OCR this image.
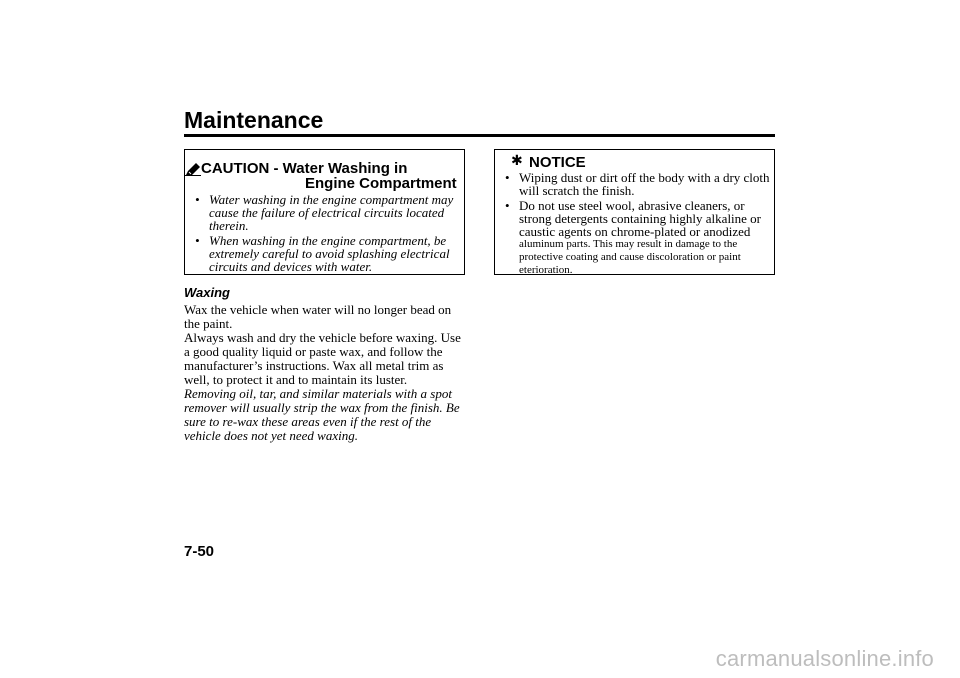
Maintenance
CAUTION - Water Washing in
Engine Compartment
• Water washing in the engine compartment may cause the failure of electrical circuits located therein.
• When washing in the engine compartment, be extremely careful to avoid splashing electrical circuits and devices with water.
✱ NOTICE
• Wiping dust or dirt off the body with a dry cloth will scratch the finish.
• Do not use steel wool, abrasive cleaners, or strong detergents containing highly alkaline or caustic agents on chrome-plated or anodized
aluminum parts. This may result in damage to the protective coating and cause discoloration or paint eterioration.
Waxing

Wax the vehicle when water will no longer bead on the paint.

Always wash and dry the vehicle before waxing. Use a good quality liquid or paste wax, and follow the manufacturer’s instructions. Wax all metal trim as well, to protect it and to maintain its luster.

Removing oil, tar, and similar materials with a spot remover will usually strip the wax from the finish. Be sure to re-wax these areas even if the rest of the vehicle does not yet need waxing.

7-50
carmanualsonline.info
